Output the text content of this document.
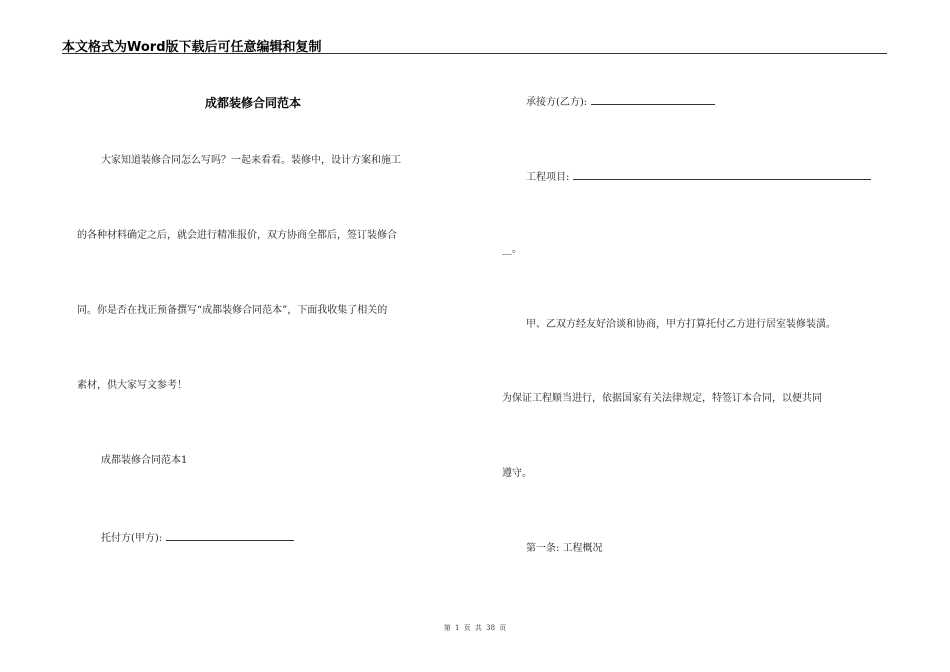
本文格式为Word版下载后可任意编辑和复制
成都装修合同范本
大家知道装修合同怎么写吗？一起来看看。装修中，设计方案和施工
的各种材料确定之后，就会进行精准报价，双方协商全都后，签订装修合
同。你是否在找正预备撰写“成都装修合同范本”，下面我收集了相关的
素材，供大家写文参考！
成都装修合同范本1
托付方(甲方):
承接方(乙方):
工程项目:
__。
甲、乙双方经友好洽谈和协商，甲方打算托付乙方进行居室装修装潢。
为保证工程顺当进行，依据国家有关法律规定，特签订本合同，以便共同
遵守。
第一条: 工程概况
第 1 页 共 38 页
